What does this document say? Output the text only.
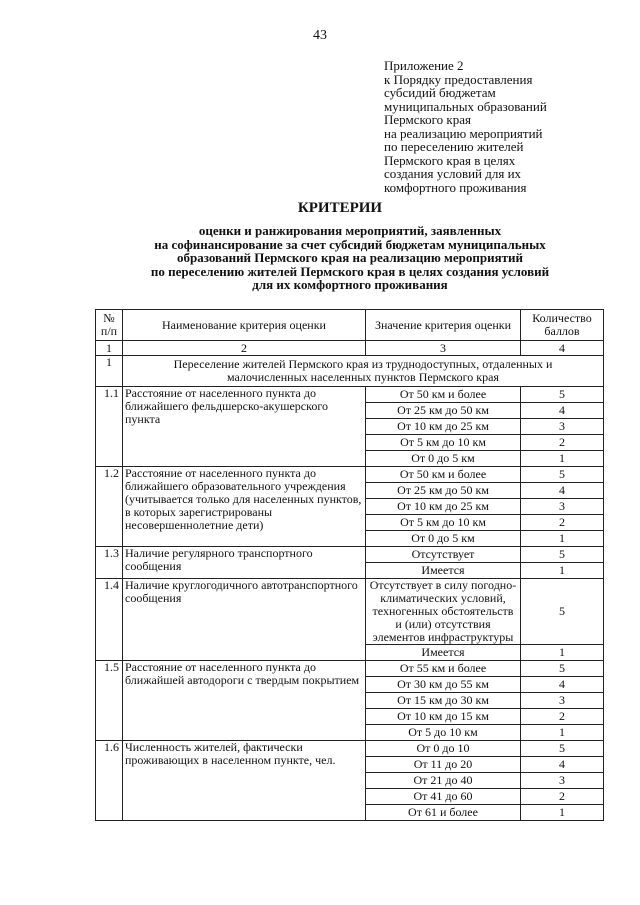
43
Приложение 2
к Порядку предоставления
субсидий бюджетам
муниципальных образований
Пермского края
на реализацию мероприятий
по переселению жителей
Пермского края в целях
создания условий для их
комфортного проживания
КРИТЕРИИ
оценки и ранжирования мероприятий, заявленных
на софинансирование за счет субсидий бюджетам муниципальных
образований Пермского края на реализацию мероприятий
по переселению жителей Пермского края в целях создания условий
для их комфортного проживания
№ п/п	Наименование критерия оценки	Значение критерия оценки	Количество баллов
1	2	3	4
1	Переселение жителей Пермского края из труднодоступных, отдаленных и малочисленных населенных пунктов Пермского края		
1.1	Расстояние от населенного пункта до ближайшего фельдшерско-акушерского пункта	От 50 км и более	5
		От 25 км до 50 км	4
		От 10 км до 25 км	3
		От 5 км до 10 км	2
		От 0 до 5 км	1
1.2	Расстояние от населенного пункта до ближайшего образовательного учреждения (учитывается только для населенных пунктов, в которых зарегистрированы несовершеннолетние дети)	От 50 км и более	5
		От 25 км до 50 км	4
		От 10 км до 25 км	3
		От 5 км до 10 км	2
		От 0 до 5 км	1
1.3	Наличие регулярного транспортного сообщения	Отсутствует	5
		Имеется	1
1.4	Наличие круглогодичного автотранспортного сообщения	Отсутствует в силу погодно-климатических условий, техногенных обстоятельств и (или) отсутствия элементов инфраструктуры	5
		Имеется	1
1.5	Расстояние от населенного пункта до ближайшей автодороги с твердым покрытием	От 55 км и более	5
		От 30 км до 55 км	4
		От 15 км до 30 км	3
		От 10 км до 15 км	2
		От 5 до 10 км	1
1.6	Численность жителей, фактически проживающих в населенном пункте, чел.	От 0 до 10	5
		От 11 до 20	4
		От 21 до 40	3
		От 41 до 60	2
		От 61 и более	1
